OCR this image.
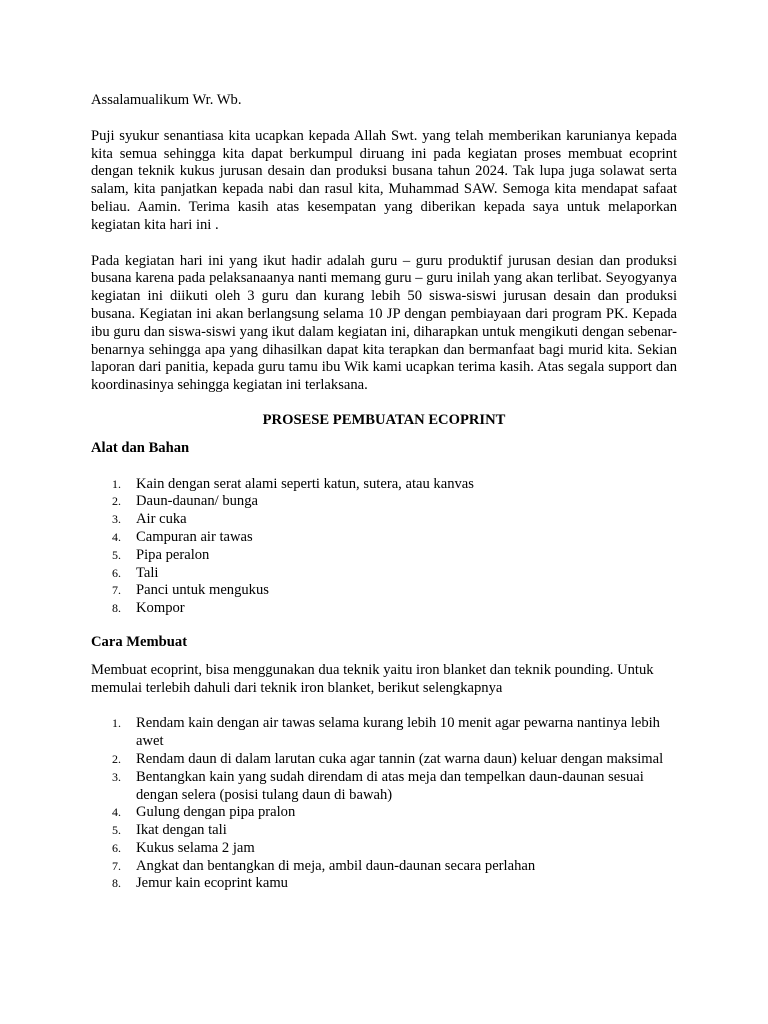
Assalamualikum Wr. Wb.

Puji syukur senantiasa kita ucapkan kepada Allah Swt. yang telah memberikan karunianya kepada kita semua sehingga kita dapat berkumpul diruang ini pada kegiatan proses membuat ecoprint dengan teknik kukus jurusan desain dan produksi busana tahun 2024. Tak lupa juga solawat serta salam, kita panjatkan kepada nabi dan rasul kita, Muhammad SAW. Semoga kita mendapat safaat beliau. Aamin. Terima kasih atas kesempatan yang diberikan kepada saya untuk melaporkan kegiatan kita hari ini .

Pada kegiatan hari ini yang ikut hadir adalah guru – guru produktif jurusan desian dan produksi busana karena pada pelaksanaanya nanti memang guru – guru inilah yang akan terlibat. Seyogyanya kegiatan ini diikuti oleh 3 guru dan kurang lebih 50 siswa-siswi jurusan desain dan produksi busana. Kegiatan ini akan berlangsung selama 10 JP dengan pembiayaan dari program PK. Kepada ibu guru dan siswa-siswi yang ikut dalam kegiatan ini, diharapkan untuk mengikuti dengan sebenar-benarnya sehingga apa yang dihasilkan dapat kita terapkan dan bermanfaat bagi murid kita. Sekian laporan dari panitia, kepada guru tamu ibu Wik kami ucapkan terima kasih. Atas segala support dan koordinasinya sehingga kegiatan ini terlaksana.

PROSESE PEMBUATAN ECOPRINT

Alat dan Bahan

1.	Kain dengan serat alami seperti katun, sutera, atau kanvas
2.	Daun-daunan/ bunga
3.	Air cuka
4.	Campuran air tawas
5.	Pipa peralon
6.	Tali
7.	Panci untuk mengukus
8.	Kompor

Cara Membuat

Membuat ecoprint, bisa menggunakan dua teknik yaitu iron blanket dan teknik pounding. Untuk memulai terlebih dahuli dari teknik iron blanket, berikut selengkapnya

1.	Rendam kain dengan air tawas selama kurang lebih 10 menit agar pewarna nantinya lebih awet
2.	Rendam daun di dalam larutan cuka agar tannin (zat warna daun) keluar dengan maksimal
3.	Bentangkan kain yang sudah direndam di atas meja dan tempelkan daun-daunan sesuai dengan selera (posisi tulang daun di bawah)
4.	Gulung dengan pipa pralon
5.	Ikat dengan tali
6.	Kukus selama 2 jam
7.	Angkat dan bentangkan di meja, ambil daun-daunan secara perlahan
8.	Jemur kain ecoprint kamu
